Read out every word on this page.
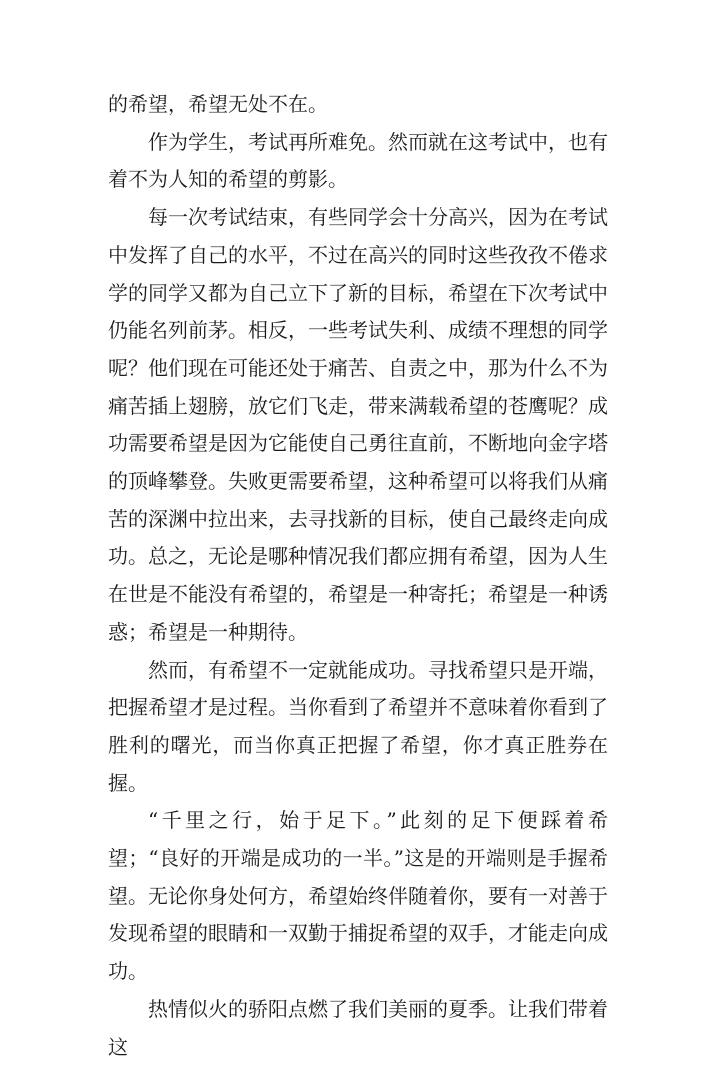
的希望，希望无处不在。

作为学生，考试再所难免。然而就在这考试中，也有着不为人知的希望的剪影。

每一次考试结束，有些同学会十分高兴，因为在考试中发挥了自己的水平，不过在高兴的同时这些孜孜不倦求学的同学又都为自己立下了新的目标，希望在下次考试中仍能名列前茅。相反，一些考试失利、成绩不理想的同学呢？他们现在可能还处于痛苦、自责之中，那为什么不为痛苦插上翅膀，放它们飞走，带来满载希望的苍鹰呢？成功需要希望是因为它能使自己勇往直前，不断地向金字塔的顶峰攀登。失败更需要希望，这种希望可以将我们从痛苦的深渊中拉出来，去寻找新的目标，使自己最终走向成功。总之，无论是哪种情况我们都应拥有希望，因为人生在世是不能没有希望的，希望是一种寄托；希望是一种诱惑；希望是一种期待。

然而，有希望不一定就能成功。寻找希望只是开端，把握希望才是过程。当你看到了希望并不意味着你看到了胜利的曙光，而当你真正把握了希望，你才真正胜券在握。

“千里之行，始于足下。”此刻的足下便踩着希望；“良好的开端是成功的一半。”这是的开端则是手握希望。无论你身处何方，希望始终伴随着你，要有一对善于发现希望的眼睛和一双勤于捕捉希望的双手，才能走向成功。

热情似火的骄阳点燃了我们美丽的夏季。让我们带着这
